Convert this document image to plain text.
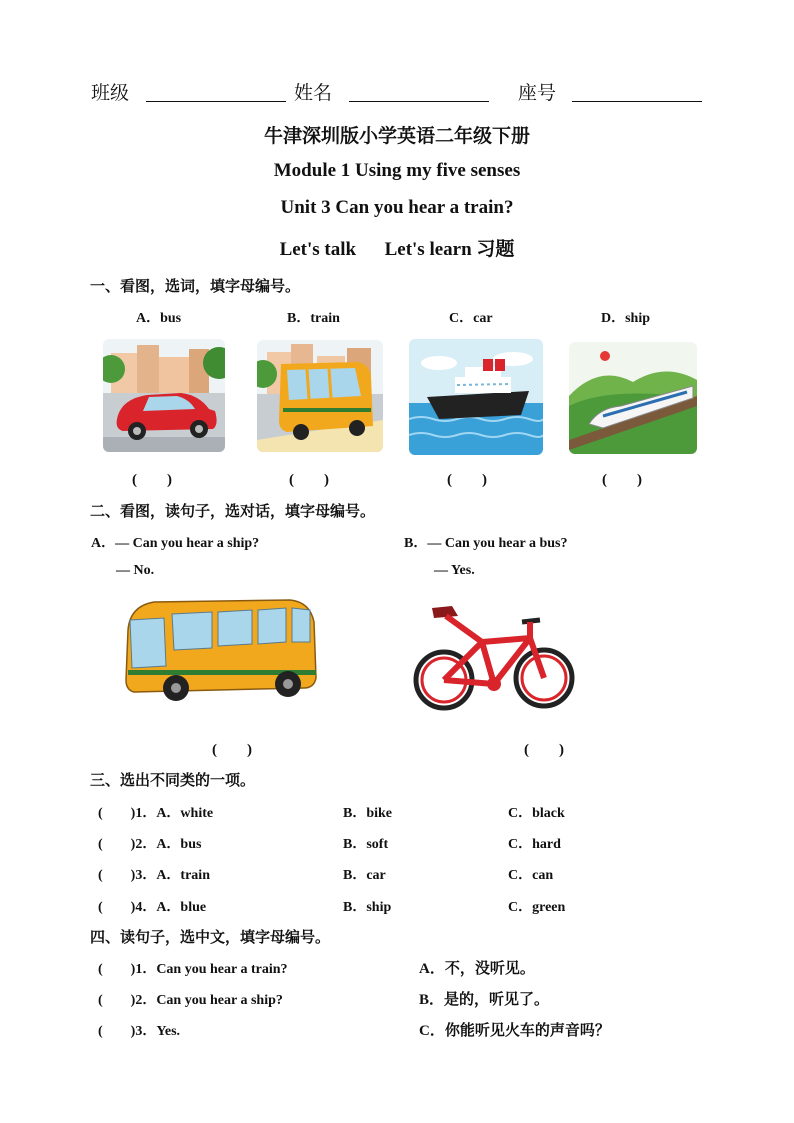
班级	姓名	座号
牛津深圳版小学英语二年级下册
Module 1 Using my five senses
Unit 3 Can you hear a train?
Let's talk      Let's learn 习题
一、看图，选词，填字母编号。
A．bus	B．train	C．car	D．ship
(　　)	(　　)	(　　)	(　　)
二、看图，读句子，选对话，填字母编号。
A．— Can you hear a ship?
— No.
B．— Can you hear a bus?
— Yes.
(　　)	(　　)
三、选出不同类的一项。
(　　)1．A．white	B．bike	C．black
(　　)2．A．bus	B．soft	C．hard
(　　)3．A．train	B．car	C．can
(　　)4．A．blue	B．ship	C．green
四、读句子，选中文，填字母编号。
(　　)1．Can you hear a train?	A．不，没听见。
(　　)2．Can you hear a ship?	B．是的，听见了。
(　　)3．Yes.	C．你能听见火车的声音吗？
